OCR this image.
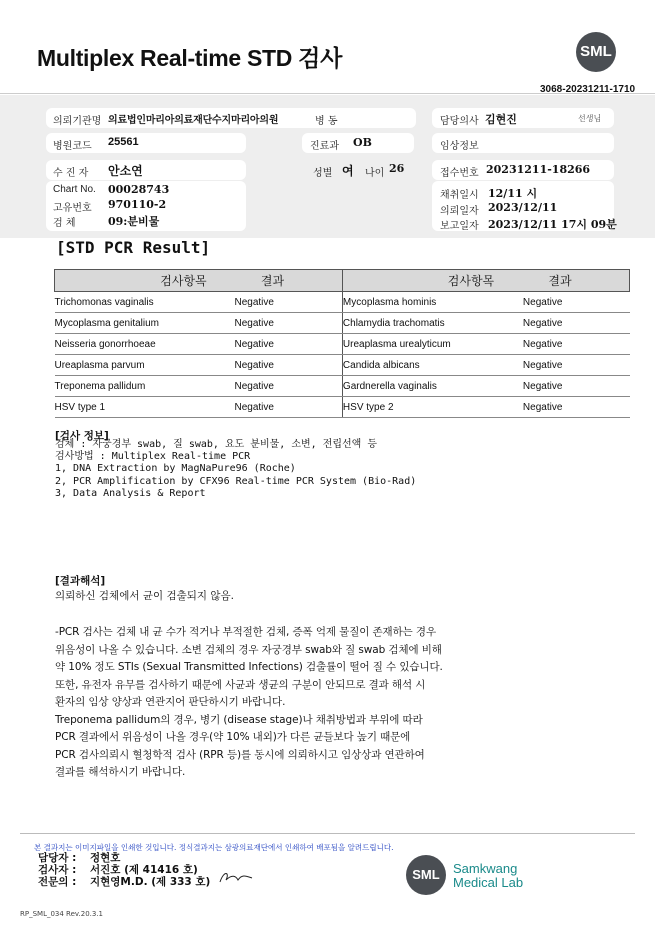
Multiplex Real-time STD 검사	SML
3068-20231211-1710
의뢰기관명 의료법인마리아의료재단수지마리아의원	병 동	담당의사 김현진	선생님
병원코드 25561	진료과 OB	임상정보
수 진 자 안소연	성별 여 나이 26	접수번호 20231211-18266
Chart No. 00028743
고유번호 970110-2
검 체	09:분비물
채취일시 12/11 시
의뢰일자 2023/12/11
보고일자 2023/12/11 17시 09분
[STD PCR Result]
검사항목 결과		검사항목 결과	
Trichomonas vaginalis	Negative	Mycoplasma hominis	Negative
Mycoplasma genitalium	Negative	Chlamydia trachomatis	Negative
Neisseria gonorrhoeae	Negative	Ureaplasma urealyticum	Negative
Ureaplasma parvum	Negative	Candida albicans	Negative
Treponema pallidum	Negative	Gardnerella vaginalis	Negative
HSV type 1	Negative	HSV type 2	Negative
[검사 정보]
검체 : 자궁경부 swab, 질 swab, 요도 분비물, 소변, 전립선액 등
검사방법 : Multiplex Real-time PCR
1, DNA Extraction by MagNaPure96 (Roche)
2, PCR Amplification by CFX96 Real-time PCR System (Bio-Rad)
3, Data Analysis & Report
[결과해석]
의뢰하신 검체에서 균이 검출되지 않음.
-PCR 검사는 검체 내 균 수가 적거나 부적절한 검체, 증폭 억제 물질이 존재하는 경우
위음성이 나올 수 있습니다. 소변 검체의 경우 자궁경부 swab와 질 swab 검체에 비해
약 10% 정도 STIs (Sexual Transmitted Infections) 검출률이 떨어 질 수 있습니다.
또한, 유전자 유무를 검사하기 때문에 사균과 생균의 구분이 안되므로 결과 해석 시
환자의 임상 양상과 연관지어 판단하시기 바랍니다.
Treponema pallidum의 경우, 병기 (disease stage)나 채취방법과 부위에 따라
PCR 결과에서 위음성이 나올 경우(약 10% 내외)가 다른 균들보다 높기 때문에
PCR 검사의뢰시 혈청학적 검사 (RPR 등)를 동시에 의뢰하시고 임상상과 연관하여
결과를 해석하시기 바랍니다.
본 결과지는 이미지파일을 인쇄한 것입니다. 정식결과지는 삼광의료재단에서 인쇄하여 배포됨을 알려드립니다.
담당자 : 정현호
검사자 : 서진호 (제 41416 호)
전문의 : 지현영M.D. (제 333 호)	SML	Samkwang
Medical Lab
RP_SML_034 Rev.20.3.1
